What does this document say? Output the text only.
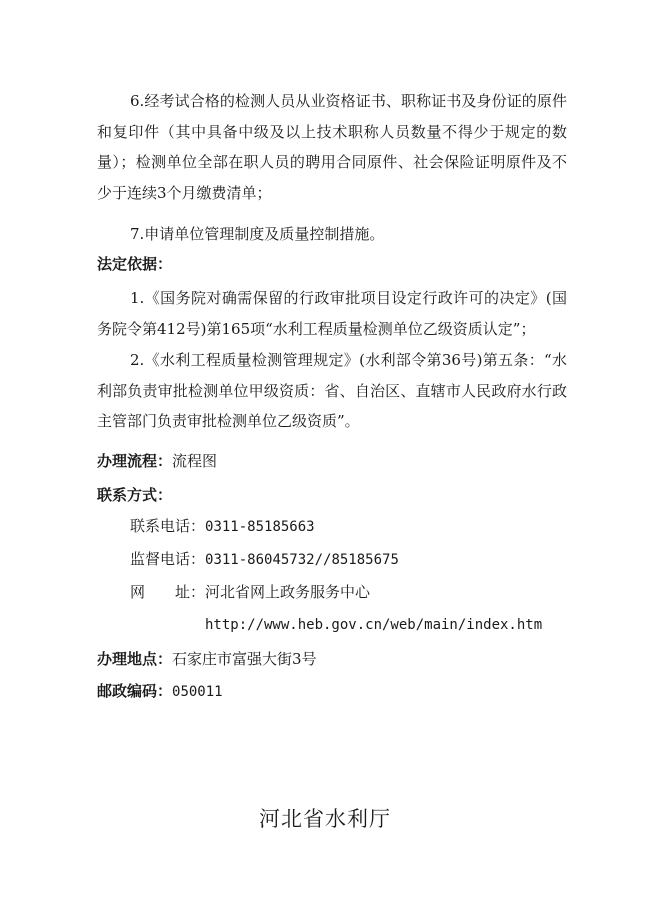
6.经考试合格的检测人员从业资格证书、职称证书及身份证的原件和复印件（其中具备中级及以上技术职称人员数量不得少于规定的数量）；检测单位全部在职人员的聘用合同原件、社会保险证明原件及不少于连续3个月缴费清单；

7.申请单位管理制度及质量控制措施。

法定依据：

1.《国务院对确需保留的行政审批项目设定行政许可的决定》(国务院令第412号)第165项“水利工程质量检测单位乙级资质认定”；

2.《水利工程质量检测管理规定》(水利部令第36号)第五条：“水利部负责审批检测单位甲级资质：省、自治区、直辖市人民政府水行政主管部门负责审批检测单位乙级资质”。

办理流程：流程图

联系方式：

联系电话：0311-85185663

监督电话：0311-86045732//85185675

网　　址：河北省网上政务服务中心

http://www.heb.gov.cn/web/main/index.htm

办理地点：石家庄市富强大街3号

邮政编码：050011

河北省水利厅
